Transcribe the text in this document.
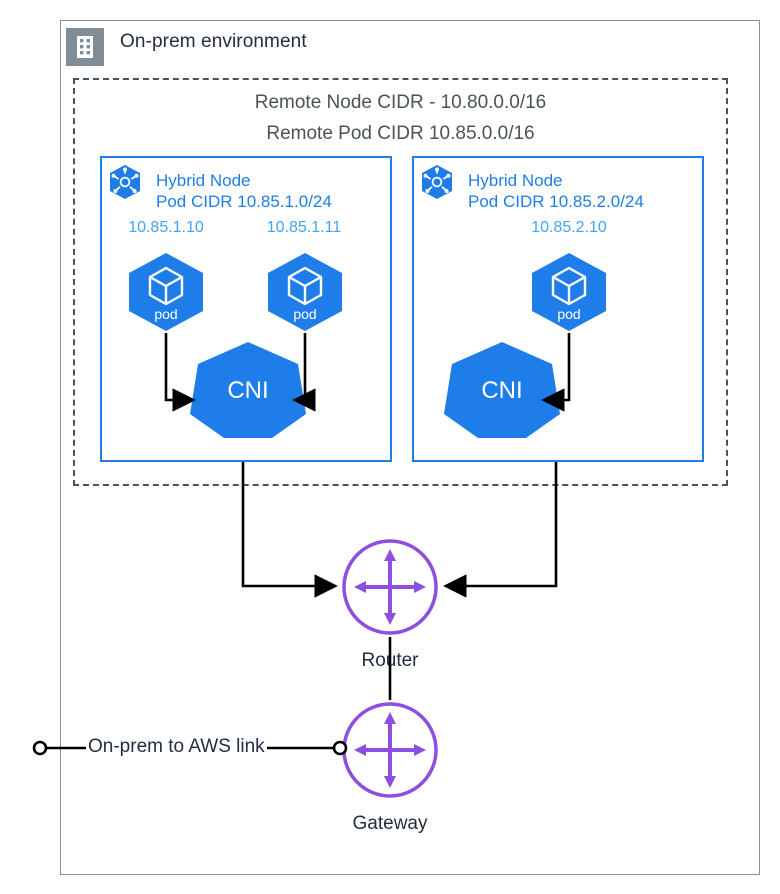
On-prem environment
Remote Node CIDR - 10.80.0.0/16
Remote Pod CIDR 10.85.0.0/16
Hybrid Node
Pod CIDR 10.85.1.0/24
Hybrid Node
Pod CIDR 10.85.2.0/24
10.85.1.10	10.85.1.11	10.85.2.10
pod	pod	pod
CNI	CNI
Router
Gateway
On-prem to AWS link
